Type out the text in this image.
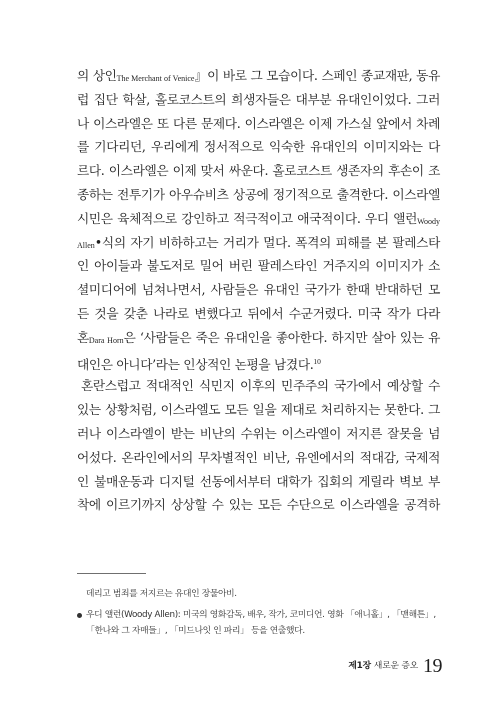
의 상인The Merchant of Venice』이 바로 그 모습이다. 스페인 종교재판, 동유
럽 집단 학살, 홀로코스트의 희생자들은 대부분 유대인이었다. 그러
나 이스라엘은 또 다른 문제다. 이스라엘은 이제 가스실 앞에서 차례
를 기다리던, 우리에게 정서적으로 익숙한 유대인의 이미지와는 다
르다. 이스라엘은 이제 맞서 싸운다. 홀로코스트 생존자의 후손이 조
종하는 전투기가 아우슈비츠 상공에 정기적으로 출격한다. 이스라엘
시민은 육체적으로 강인하고 적극적이고 애국적이다. 우디 앨런Woody
Allen•식의 자기 비하하고는 거리가 멀다. 폭격의 피해를 본 팔레스타
인 아이들과 불도저로 밀어 버린 팔레스타인 거주지의 이미지가 소
셜미디어에 넘쳐나면서, 사람들은 유대인 국가가 한때 반대하던 모
든 것을 갖춘 나라로 변했다고 뒤에서 수군거렸다. 미국 작가 다라
혼Dara Horn은 ‘사람들은 죽은 유대인을 좋아한다. 하지만 살아 있는 유
대인은 아니다’라는 인상적인 논평을 남겼다.$^{10}$
혼란스럽고 적대적인 식민지 이후의 민주주의 국가에서 예상할 수
있는 상황처럼, 이스라엘도 모든 일을 제대로 처리하지는 못한다. 그
러나 이스라엘이 받는 비난의 수위는 이스라엘이 저지른 잘못을 넘
어섰다. 온라인에서의 무차별적인 비난, 유엔에서의 적대감, 국제적
인 불매운동과 디지털 선동에서부터 대학가 집회의 게릴라 벽보 부
착에 이르기까지 상상할 수 있는 모든 수단으로 이스라엘을 공격하
데리고 범죄를 저지르는 유대인 장물아비.
우디 앨런(Woody Allen): 미국의 영화감독, 배우, 작가, 코미디언. 영화 「애니홀」, 「맨해튼」,
「한나와 그 자매들」, 「미드나잇 인 파리」 등을 연출했다.
제1장 새로운 증오 19
